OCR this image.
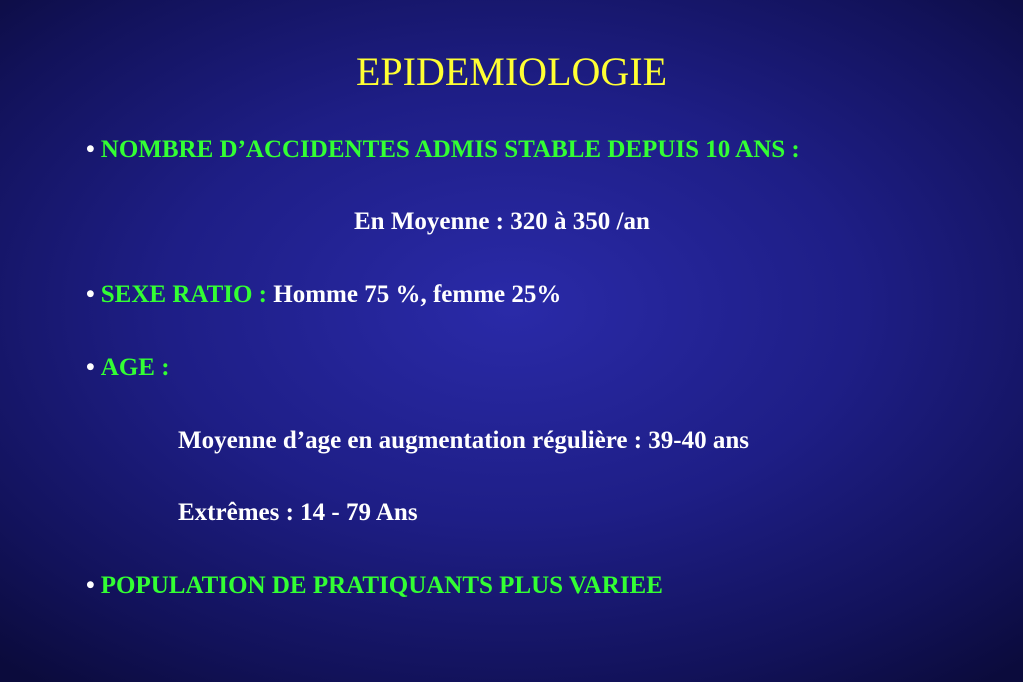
EPIDEMIOLOGIE
• NOMBRE D’ACCIDENTES ADMIS STABLE DEPUIS 10 ANS :
En Moyenne : 320 à 350 /an
• SEXE RATIO : Homme 75 %, femme 25%
• AGE :
Moyenne d’age en augmentation régulière : 39-40 ans
Extrêmes : 14 - 79 Ans
• POPULATION DE PRATIQUANTS PLUS VARIEE
